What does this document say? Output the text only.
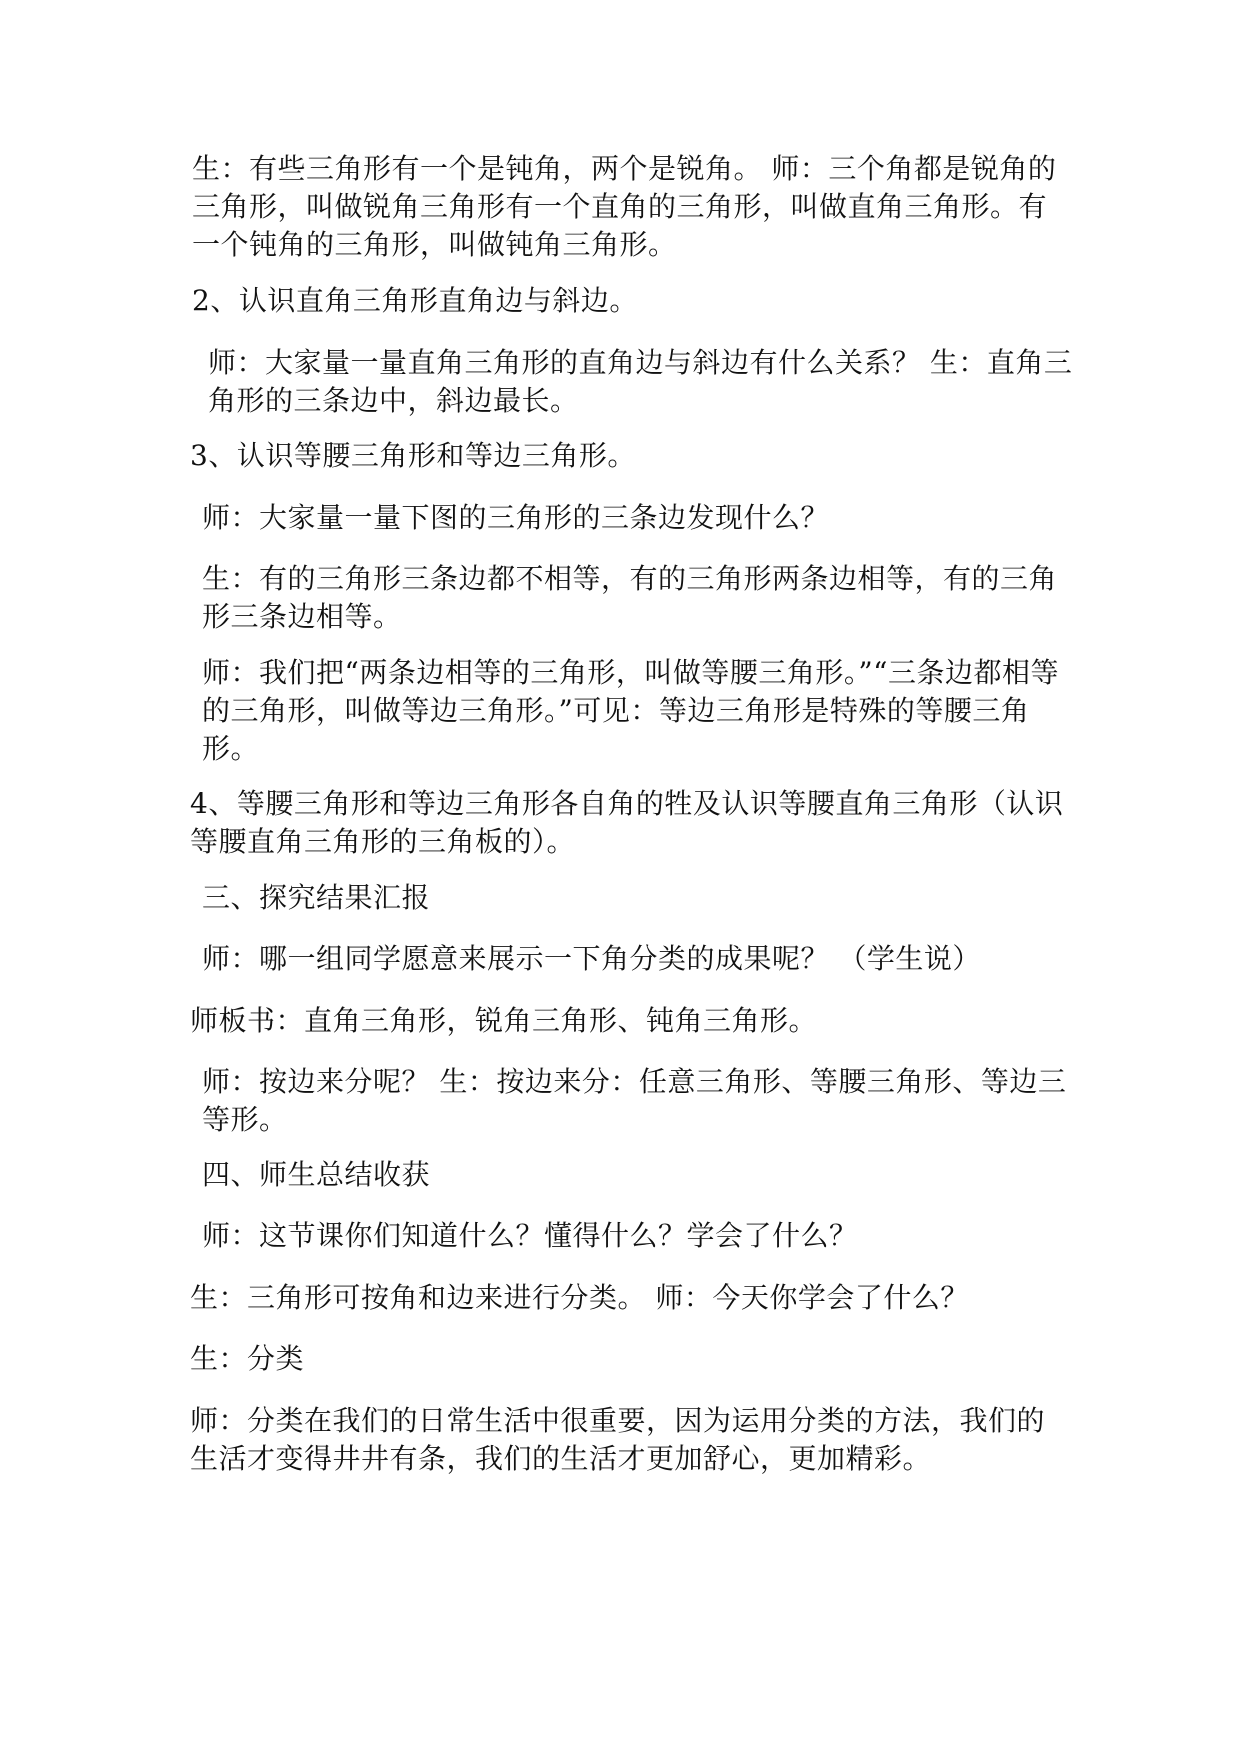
生：有些三角形有一个是钝角，两个是锐角。 师：三个角都是锐角的三角形，叫做锐角三角形有一个直角的三角形，叫做直角三角形。有一个钝角的三角形，叫做钝角三角形。

2、认识直角三角形直角边与斜边。

师：大家量一量直角三角形的直角边与斜边有什么关系？ 生：直角三角形的三条边中，斜边最长。

3、认识等腰三角形和等边三角形。

师：大家量一量下图的三角形的三条边发现什么？

生：有的三角形三条边都不相等，有的三角形两条边相等，有的三角形三条边相等。

师：我们把“两条边相等的三角形，叫做等腰三角形。”“三条边都相等的三角形，叫做等边三角形。”可见：等边三角形是特殊的等腰三角形。

4、等腰三角形和等边三角形各自角的牲及认识等腰直角三角形（认识等腰直角三角形的三角板的）。

三、探究结果汇报

师：哪一组同学愿意来展示一下角分类的成果呢？ （学生说）

师板书：直角三角形，锐角三角形、钝角三角形。

师：按边来分呢？ 生：按边来分：任意三角形、等腰三角形、等边三等形。

四、师生总结收获

师：这节课你们知道什么？懂得什么？学会了什么？

生：三角形可按角和边来进行分类。 师：今天你学会了什么？

生：分类

师：分类在我们的日常生活中很重要，因为运用分类的方法，我们的生活才变得井井有条，我们的生活才更加舒心，更加精彩。
